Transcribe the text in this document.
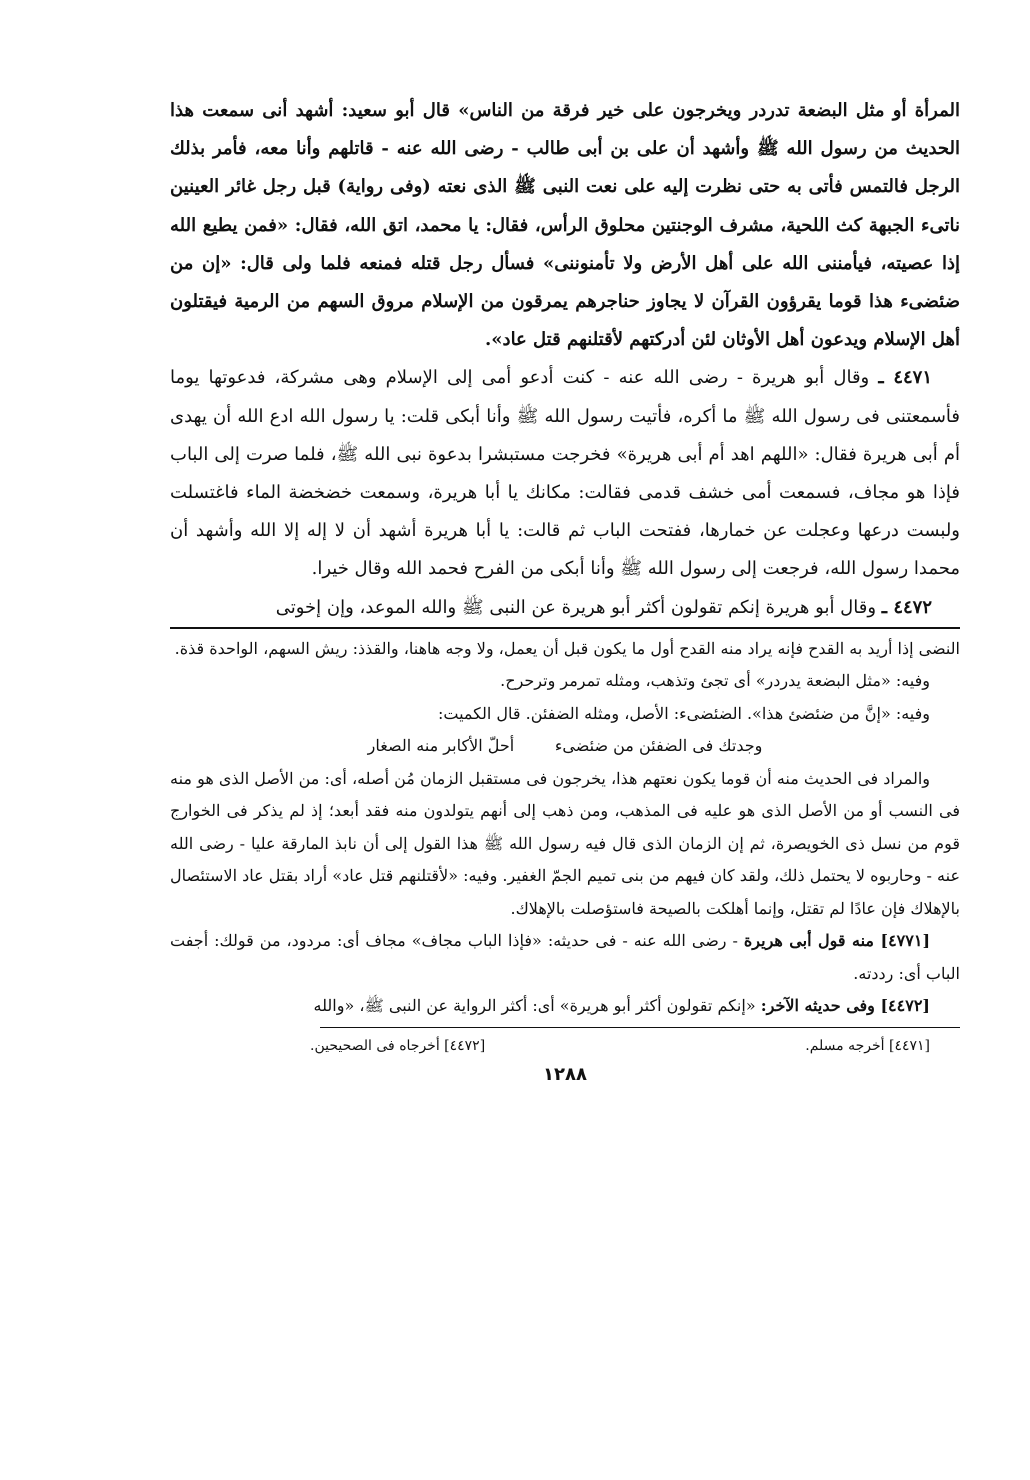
المرأة أو مثل البضعة تدردر ويخرجون على خير فرقة من الناس» قال أبو سعيد: أشهد أنى سمعت هذا الحديث من رسول الله ﷺ وأشهد أن على بن أبى طالب - رضى الله عنه - قاتلهم وأنا معه، فأمر بذلك الرجل فالتمس فأتى به حتى نظرت إليه على نعت النبى ﷺ الذى نعته (وفى رواية) قبل رجل غائر العينين ناتىء الجبهة كث اللحية، مشرف الوجنتين محلوق الرأس، فقال: يا محمد، اتق الله، فقال: «فمن يطيع الله إذا عصيته، فيأمننى الله على أهل الأرض ولا تأمنوننى» فسأل رجل قتله فمنعه فلما ولى قال: «إن من ضئضىء هذا قوما يقرؤون القرآن لا يجاوز حناجرهم يمرقون من الإسلام مروق السهم من الرمية فيقتلون أهل الإسلام ويدعون أهل الأوثان لئن أدركتهم لأقتلنهم قتل عاد».

٤٤٧١ ـ وقال أبو هريرة - رضى الله عنه - كنت أدعو أمى إلى الإسلام وهى مشركة، فدعوتها يوما فأسمعتنى فى رسول الله ﷺ ما أكره، فأتيت رسول الله ﷺ وأنا أبكى قلت: يا رسول الله ادع الله أن يهدى أم أبى هريرة فقال: «اللهم اهد أم أبى هريرة» فخرجت مستبشرا بدعوة نبى الله ﷺ، فلما صرت إلى الباب فإذا هو مجاف، فسمعت أمى خشف قدمى فقالت: مكانك يا أبا هريرة، وسمعت خضخضة الماء فاغتسلت ولبست درعها وعجلت عن خمارها، ففتحت الباب ثم قالت: يا أبا هريرة أشهد أن لا إله إلا الله وأشهد أن محمدا رسول الله، فرجعت إلى رسول الله ﷺ وأنا أبكى من الفرح فحمد الله وقال خيرا.

٤٤٧٢ ـ وقال أبو هريرة إنكم تقولون أكثر أبو هريرة عن النبى ﷺ والله الموعد، وإن إخوتى

النضى إذا أريد به القدح فإنه يراد منه القدح أول ما يكون قبل أن يعمل، ولا وجه هاهنا، والقذذ: ريش السهم، الواحدة قذة.

وفيه: «مثل البضعة يدردر» أى تجئ وتذهب، ومثله تمرمر وترحرح.

وفيه: «إنَّ من ضئضئ هذا». الضئضىء: الأصل، ومثله الضفئن. قال الكميت:

وجدتك فى الضفئن من ضئضىء        أحلّ الأكابر منه الصغار

والمراد فى الحديث منه أن قوما يكون نعتهم هذا، يخرجون فى مستقبل الزمان مُن أصله، أى: من الأصل الذى هو منه فى النسب أو من الأصل الذى هو عليه فى المذهب، ومن ذهب إلى أنهم يتولدون منه فقد أبعد؛ إذ لم يذكر فى الخوارج قوم من نسل ذى الخويصرة، ثم إن الزمان الذى قال فيه رسول الله ﷺ هذا القول إلى أن نابذ المارقة عليا - رضى الله عنه - وحاربوه لا يحتمل ذلك، ولقد كان فيهم من بنى تميم الجمّ الغفير. وفيه: «لأقتلنهم قتل عاد» أراد بقتل عاد الاستئصال بالإهلاك فإن عادًا لم تقتل، وإنما أهلكت بالصيحة فاستؤصلت بالإهلاك.

[٤٧٧١] منه قول أبى هريرة - رضى الله عنه - فى حديثه: «فإذا الباب مجاف» مجاف أى: مردود، من قولك: أجفت الباب أى: رددته.

[٤٤٧٢] وفى حديثه الآخر: «إنكم تقولون أكثر أبو هريرة» أى: أكثر الرواية عن النبى ﷺ، «والله

[٤٤٧١] أخرجه مسلم.
[٤٤٧٢] أخرجاه فى الصحيحين.
١٢٨٨
